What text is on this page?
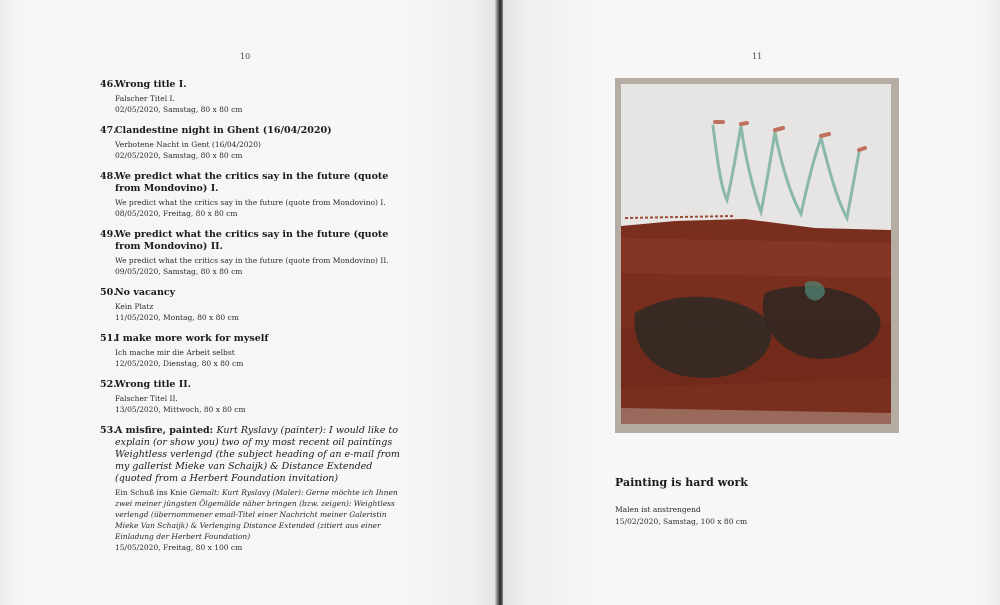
10
46.
Wrong title I.
Falscher Titel I.
02/05/2020, Samstag, 80 x 80 cm
47.
Clandestine night in Ghent (16/04/2020)
Verbotene Nacht in Gent (16/04/2020)
02/05/2020, Samstag, 80 x 80 cm
48.
We predict what the critics say in the future (quote from Mondovino) I.
We predict what the critics say in the future (quote from Mondovino) I.
08/05/2020, Freitag, 80 x 80 cm
49.
We predict what the critics say in the future (quote from Mondovino) II.
We predict what the critics say in the future (quote from Mondovino) II.
09/05/2020, Samstag, 80 x 80 cm
50.
No vacancy
Kein Platz
11/05/2020, Montag, 80 x 80 cm
51.
I make more work for myself
Ich mache mir die Arbeit selbst
12/05/2020, Dienstag, 80 x 80 cm
52.
Wrong title II.
Falscher Titel II.
13/05/2020, Mittwoch, 80 x 80 cm
53.
A misfire, painted: Kurt Ryslavy (painter): I would like to explain (or show you) two of my most recent oil paintings Weightless verlengd (the subject heading of an e-mail from my gallerist Mieke van Schaijk) & Distance Extended (quoted from a Herbert Foundation invitation)
Ein Schuß ins Knie Gemalt: Kurt Ryslavy (Maler): Gerne möchte ich Ihnen zwei meiner jüngsten Ölgemälde näher bringen (bzw. zeigen): Weightless verlengd (übernommener email-Titel einer Nachricht meiner Galeristin Mieke Van Schaijk) & Verlenging Distance Extended (zitiert aus einer Einladung der Herbert Foundation)
15/05/2020, Freitag, 80 x 100 cm
11
Painting is hard work
Malen ist anstrengend
15/02/2020, Samstag, 100 x 80 cm
